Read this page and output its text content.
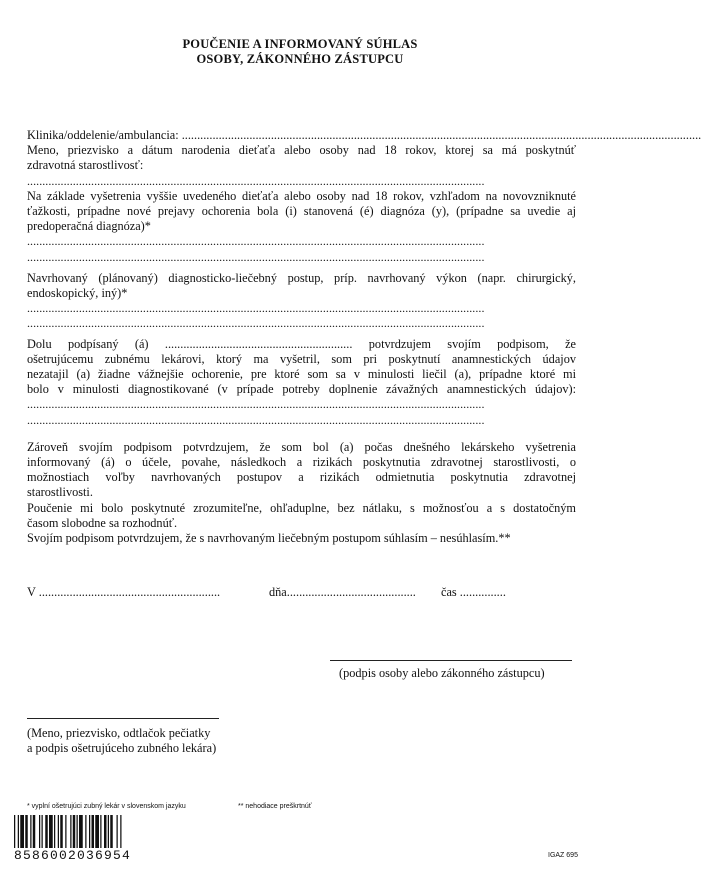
POUČENIE A INFORMOVANÝ SÚHLAS
OSOBY, ZÁKONNÉHO ZÁSTUPCU

Klinika/oddelenie/ambulancia: .........................................................................................................................................................................

Meno, priezvisko a dátum narodenia dieťaťa alebo osoby nad 18 rokov, ktorej sa má poskytnúť

zdravotná starostlivosť:

......................................................................................................................................................

Na základe vyšetrenia vyššie uvedeného dieťaťa alebo osoby nad 18 rokov, vzhľadom na novovzniknuté

ťažkosti, prípadne nové prejavy ochorenia bola (i) stanovená (é) diagnóza (y), (prípadne sa uvedie aj

predoperačná diagnóza)*

......................................................................................................................................................
......................................................................................................................................................

Navrhovaný (plánovaný) diagnosticko-liečebný postup, príp. navrhovaný výkon (napr. chirurgický,

endoskopický, iný)*

......................................................................................................................................................
......................................................................................................................................................

Dolu podpísaný (á) ............................................................. potvrdzujem svojím podpisom, že

ošetrujúcemu zubnému lekárovi, ktorý ma vyšetril, som pri poskytnutí anamnestických údajov

nezatajil (a) žiadne vážnejšie ochorenie, pre ktoré som sa v minulosti liečil (a), prípadne ktoré mi

bolo v minulosti diagnostikované (v prípade potreby doplnenie závažných anamnestických údajov):

......................................................................................................................................................
......................................................................................................................................................

Zároveň svojím podpisom potvrdzujem, že som bol (a) počas dnešného lekárskeho vyšetrenia

informovaný (á) o účele, povahe, následkoch a rizikách poskytnutia zdravotnej starostlivosti, o

možnostiach voľby navrhovaných postupov a rizikách odmietnutia poskytnutia zdravotnej

starostlivosti.

Poučenie mi bolo poskytnuté zrozumiteľne, ohľaduplne, bez nátlaku, s možnosťou a s dostatočným

časom slobodne sa rozhodnúť.

Svojím podpisom potvrdzujem, že s navrhovaným liečebným postupom súhlasím – nesúhlasím.**

V ...........................................................	dňa.......................................... čas ...............
(podpis osoby alebo zákonného zástupcu)
(Meno, priezvisko, odtlačok pečiatky
a podpis ošetrujúceho zubného lekára)
* vyplní ošetrujúci zubný lekár v slovenskom jazyku	** nehodiace preškrtnúť
8586002036954	IGAZ 695
